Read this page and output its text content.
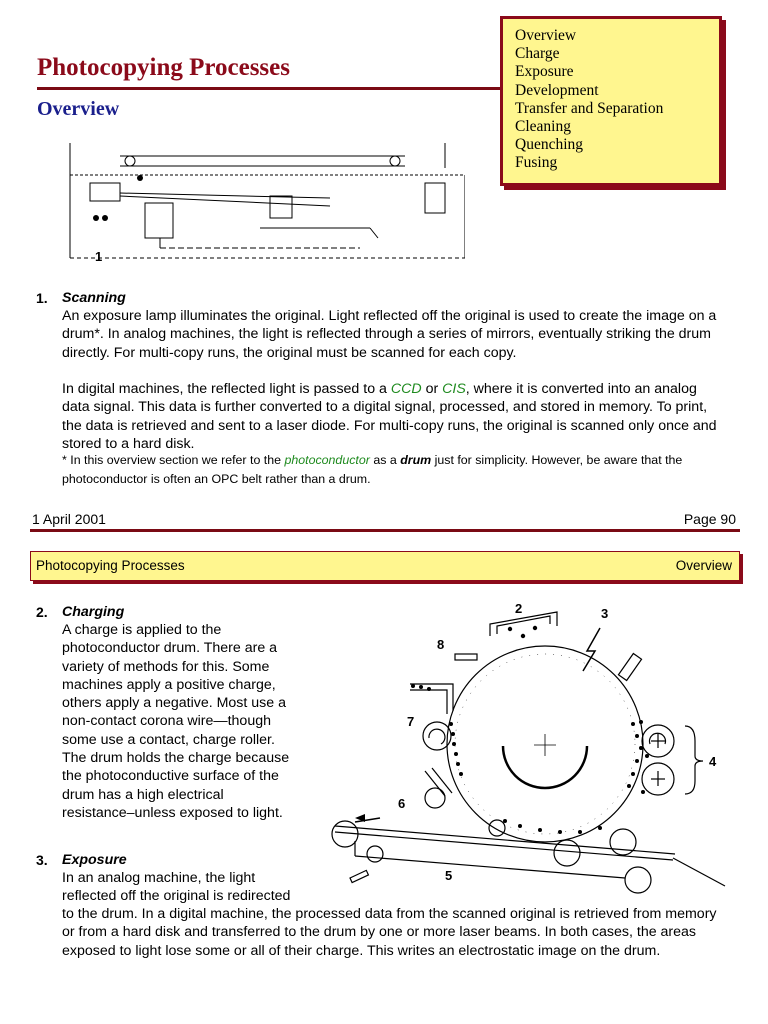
Photocopying Processes
Overview
Overview
Charge
Exposure
Development
Transfer and Separation
Cleaning
Quenching
Fusing
1
1. Scanning
An exposure lamp illuminates the original. Light reflected off the original is used to create the image on a drum*. In analog machines, the light is reflected through a series of mirrors, eventually striking the drum directly. For multi-copy runs, the original must be scanned for each copy.
In digital machines, the reflected light is passed to a CCD or CIS, where it is converted into an analog data signal. This data is further converted to a digital signal, processed, and stored in memory. To print, the data is retrieved and sent to a laser diode. For multi-copy runs, the original is scanned only once and stored to a hard disk.
* In this overview section we refer to the photoconductor as a drum just for simplicity. However, be aware that the photoconductor is often an OPC belt rather than a drum.
1 April 2001	Page 90
Photocopying Processes	Overview
2. Charging
A charge is applied to the
photoconductor drum. There are a
variety of methods for this. Some
machines apply a positive charge,
others apply a negative. Most use a
non-contact corona wire—though
some use a contact, charge roller.
The drum holds the charge because
the photoconductive surface of the
drum has a high electrical
resistance–unless exposed to light.
3. Exposure
In an analog machine, the light
reflected off the original is redirected
to the drum. In a digital machine, the processed data from the scanned original is retrieved from memory or from a hard disk and transferred to the drum by one or more laser beams. In both cases, the areas exposed to light lose some or all of their charge. This writes an electrostatic image on the drum.
2	3
8
7
4
6
5
